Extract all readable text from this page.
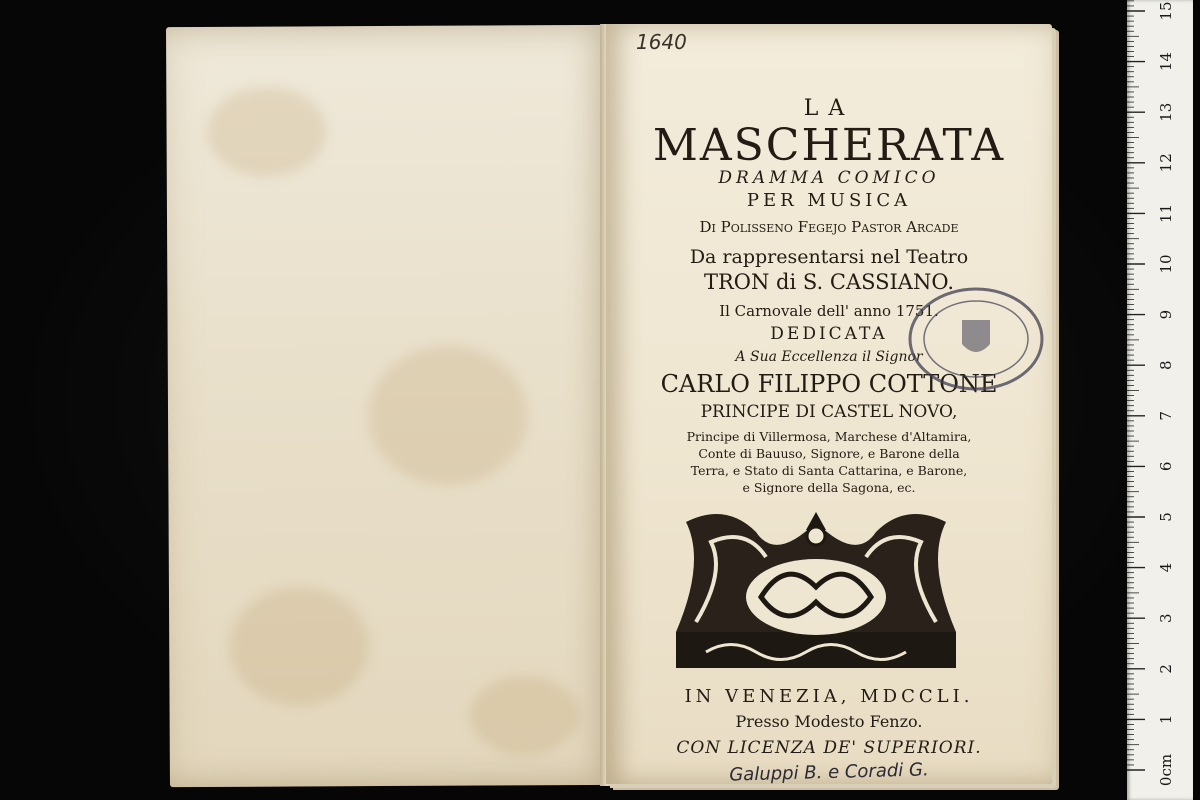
1640
LA
MASCHERATA
DRAMMA COMICO
PER MUSICA
Di Polisseno Fegejo Pastor Arcade
Da rappresentarsi nel Teatro
TRON di S. CASSIANO.
Il Carnovale dell' anno 1751.
DEDICATA
A Sua Eccellenza il Signor
CARLO FILIPPO COTTONE
PRINCIPE DI CASTEL NOVO,
Principe di Villermosa, Marchese d'Altamira,
Conte di Bauuso, Signore, e Barone della
Terra, e Stato di Santa Cattarina, e Barone,
e Signore della Sagona, ec.
IN VENEZIA, MDCCLI.
Presso Modesto Fenzo.
CON LICENZA DE' SUPERIORI.
Galuppi B. e Coradi G.	0cm
1
2
3
4
5
6
7
8
9
10
11
12
13
14
15
